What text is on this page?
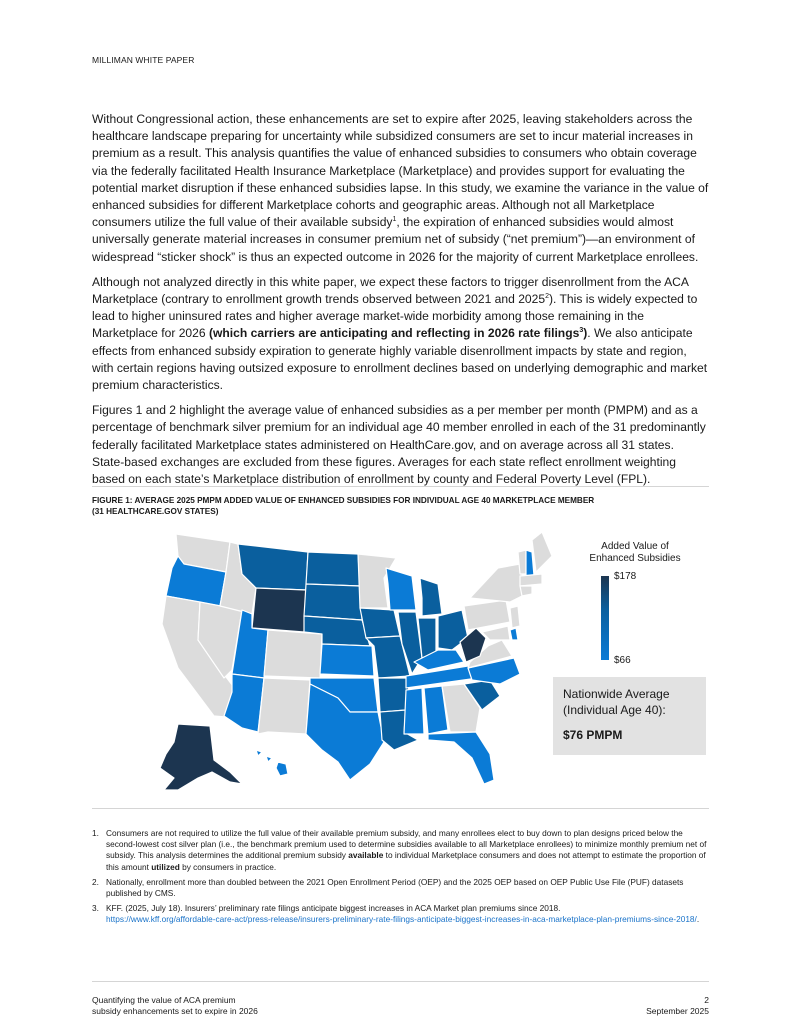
MILLIMAN WHITE PAPER

Without Congressional action, these enhancements are set to expire after 2025, leaving stakeholders across the healthcare landscape preparing for uncertainty while subsidized consumers are set to incur material increases in premium as a result. This analysis quantifies the value of enhanced subsidies to consumers who obtain coverage via the federally facilitated Health Insurance Marketplace (Marketplace) and provides support for evaluating the potential market disruption if these enhanced subsidies lapse. In this study, we examine the variance in the value of enhanced subsidies for different Marketplace cohorts and geographic areas. Although not all Marketplace consumers utilize the full value of their available subsidy$^1$, the expiration of enhanced subsidies would almost universally generate material increases in consumer premium net of subsidy (“net premium”)—an environment of widespread “sticker shock” is thus an expected outcome in 2026 for the majority of current Marketplace enrollees.

Although not analyzed directly in this white paper, we expect these factors to trigger disenrollment from the ACA Marketplace (contrary to enrollment growth trends observed between 2021 and 2025$^2$). This is widely expected to lead to higher uninsured rates and higher average market-wide morbidity among those remaining in the Marketplace for 2026 (which carriers are anticipating and reflecting in 2026 rate filings$^3$). We also anticipate effects from enhanced subsidy expiration to generate highly variable disenrollment impacts by state and region, with certain regions having outsized exposure to enrollment declines based on underlying demographic and market premium characteristics.

Figures 1 and 2 highlight the average value of enhanced subsidies as a per member per month (PMPM) and as a percentage of benchmark silver premium for an individual age 40 member enrolled in each of the 31 predominantly federally facilitated Marketplace states administered on HealthCare.gov, and on average across all 31 states. State-based exchanges are excluded from these figures. Averages for each state reflect enrollment weighting based on each state’s Marketplace distribution of enrollment by county and Federal Poverty Level (FPL).

FIGURE 1: AVERAGE 2025 PMPM ADDED VALUE OF ENHANCED SUBSIDIES FOR INDIVIDUAL AGE 40 MARKETPLACE MEMBER
(31 HEALTHCARE.GOV STATES)
Added Value of
Enhanced Subsidies
$178
$66
Nationwide Average
(Individual Age 40):
$76 PMPM
1. Consumers are not required to utilize the full value of their available premium subsidy, and many enrollees elect to buy down to plan designs priced below the second-lowest cost silver plan (i.e., the benchmark premium used to determine subsidies available to all Marketplace enrollees) to minimize monthly premium net of subsidy. This analysis determines the additional premium subsidy available to individual Marketplace consumers and does not attempt to estimate the proportion of this amount utilized by consumers in practice.
2. Nationally, enrollment more than doubled between the 2021 Open Enrollment Period (OEP) and the 2025 OEP based on OEP Public Use File (PUF) datasets published by CMS.
3. KFF. (2025, July 18). Insurers’ preliminary rate filings anticipate biggest increases in ACA Market plan premiums since 2018.
https://www.kff.org/affordable-care-act/press-release/insurers-preliminary-rate-filings-anticipate-biggest-increases-in-aca-marketplace-plan-premiums-since-2018/.
Quantifying the value of ACA premium
subsidy enhancements set to expire in 2026
2
September 2025
